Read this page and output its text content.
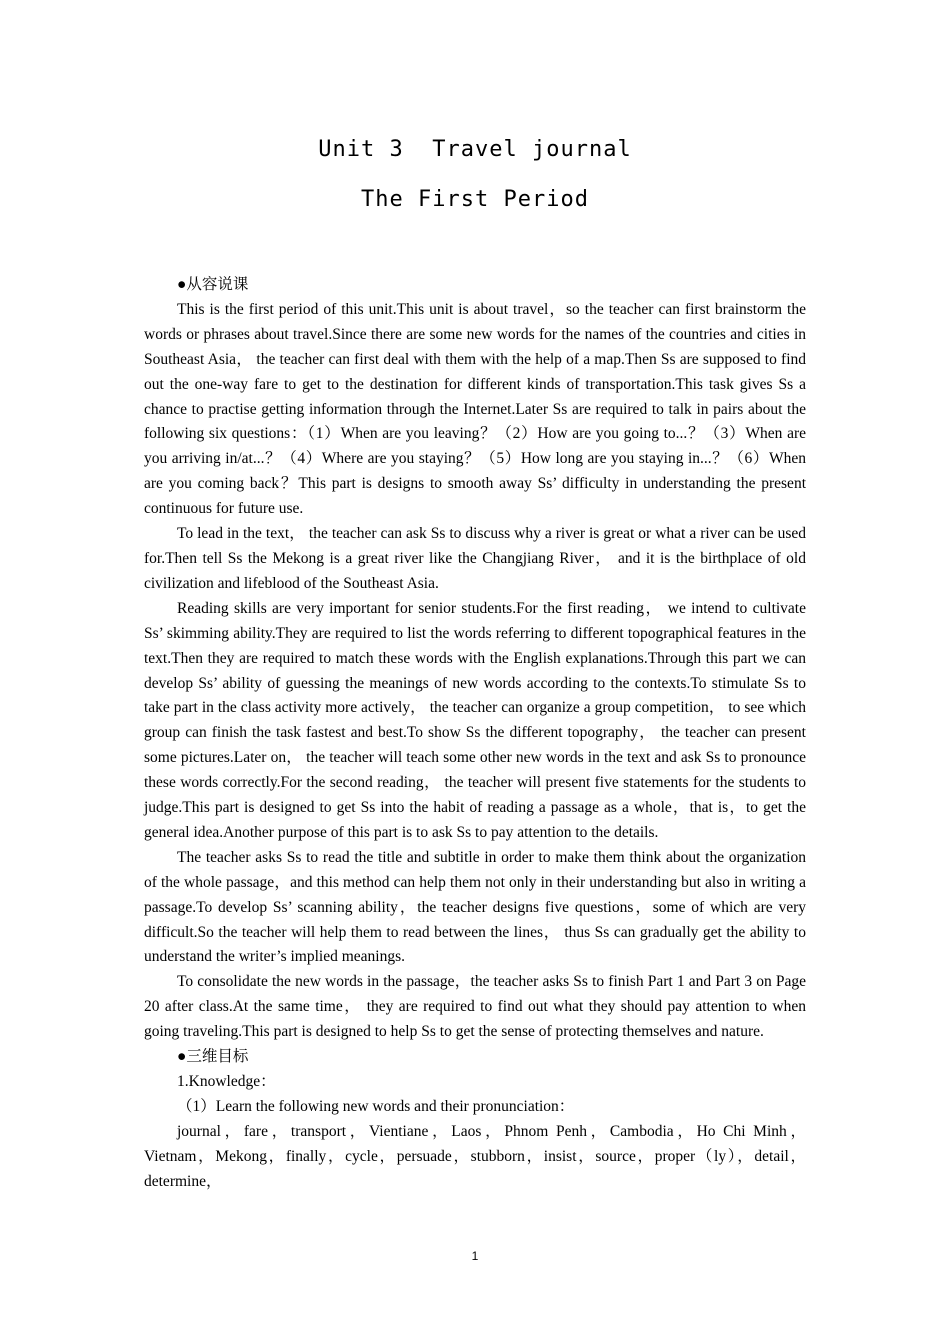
Unit 3  Travel journal
The First Period

●从容说课

This is the first period of this unit.This unit is about travel，so the teacher can first brainstorm the words or phrases about travel.Since there are some new words for the names of the countries and cities in Southeast Asia， the teacher can first deal with them with the help of a map.Then Ss are supposed to find out the one-way fare to get to the destination for different kinds of transportation.This task gives Ss a chance to practise getting information through the Internet.Later Ss are required to talk in pairs about the following six questions：（1）When are you leaving？（2）How are you going to...？（3）When are you arriving in/at...？（4）Where are you staying？（5）How long are you staying in...？（6）When are you coming back？This part is designs to smooth away Ss’ difficulty in understanding the present continuous for future use.

To lead in the text， the teacher can ask Ss to discuss why a river is great or what a river can be used for.Then tell Ss the Mekong is a great river like the Changjiang River， and it is the birthplace of old civilization and lifeblood of the Southeast Asia.

Reading skills are very important for senior students.For the first reading， we intend to cultivate Ss’ skimming ability.They are required to list the words referring to different topographical features in the text.Then they are required to match these words with the English explanations.Through this part we can develop Ss’ ability of guessing the meanings of new words according to the contexts.To stimulate Ss to take part in the class activity more actively， the teacher can organize a group competition， to see which group can finish the task fastest and best.To show Ss the different topography， the teacher can present some pictures.Later on， the teacher will teach some other new words in the text and ask Ss to pronounce these words correctly.For the second reading， the teacher will present five statements for the students to judge.This part is designed to get Ss into the habit of reading a passage as a whole，that is，to get the general idea.Another purpose of this part is to ask Ss to pay attention to the details.

The teacher asks Ss to read the title and subtitle in order to make them think about the organization of the whole passage，and this method can help them not only in their understanding but also in writing a passage.To develop Ss’ scanning ability，the teacher designs five questions，some of which are very difficult.So the teacher will help them to read between the lines， thus Ss can gradually get the ability to understand the writer’s implied meanings.

To consolidate the new words in the passage，the teacher asks Ss to finish Part 1 and Part 3 on Page 20 after class.At the same time， they are required to find out what they should pay attention to when going traveling.This part is designed to help Ss to get the sense of protecting themselves and nature.

●三维目标

1.Knowledge：

（1）Learn the following new words and their pronunciation：

journal，fare，transport，Vientiane，Laos，Phnom Penh，Cambodia，Ho Chi Minh，Vietnam，Mekong，finally，cycle，persuade，stubborn，insist，source，proper（ly），detail，determine，

1
